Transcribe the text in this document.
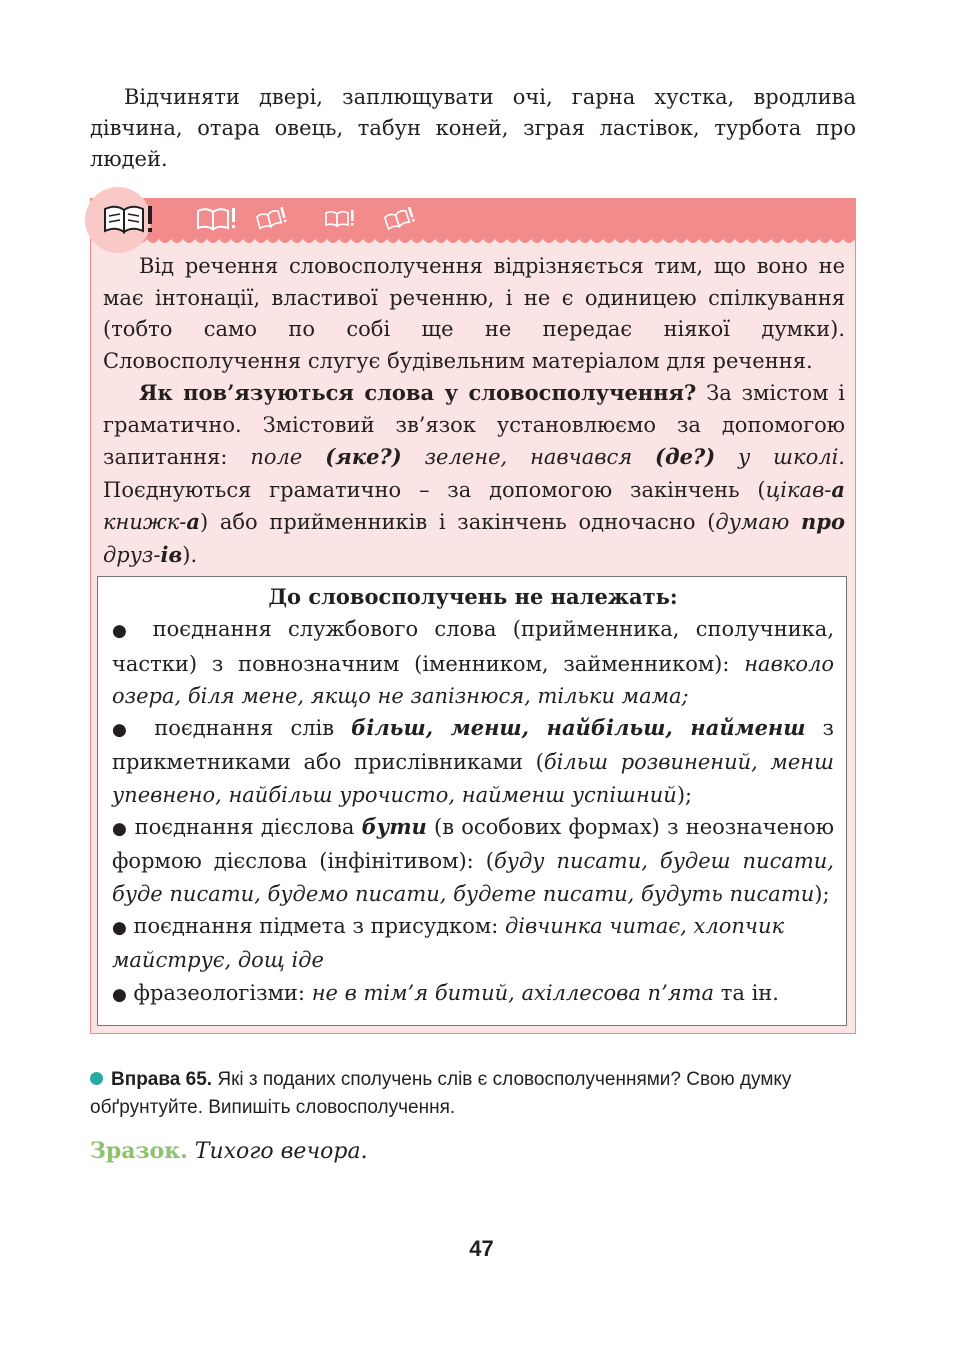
Відчиняти двері, заплющувати очі, гарна хустка, вродлива дівчина, отара овець, табун коней, зграя ластівок, турбота про людей.

Від речення словосполучення відрізняється тим, що воно не має інтонації, властивої реченню, і не є одиницею спілкування (тобто само по собі ще не передає ніякої думки). Словосполучення слугує будівельним матеріалом для речення.

Як пов’язуються слова у словосполучення? За змістом і граматично. Змістовий зв’язок установлюємо за допомогою запитання: поле (яке?) зелене, навчався (де?) у школі. Поєднуються граматично – за допомогою закінчень (цікав-а книжк-а) або прийменників і закінчень одночасно (думаю про друз-ів).

До словосполучень не належать:

● поєднання службового слова (прийменника, сполучника, частки) з повнозначним (іменником, займенником): навколо озера, біля мене, якщо не запізнюся, тільки мама;

● поєднання слів більш, менш, найбільш, найменш з прикметниками або прислівниками (більш розвинений, менш упевнено, найбільш урочисто, найменш успішний);

● поєднання дієслова бути (в особових формах) з неозначеною формою дієслова (інфінітивом): (буду писати, будеш писати, буде писати, будемо писати, будете писати, будуть писати);

● поєднання підмета з присудком: дівчинка читає, хлопчик майструє, дощ іде

● фразеологізми: не в тім’я битий, ахіллесова п’ята та ін.

Вправа 65. Які з поданих сполучень слів є словосполученнями? Свою думку обґрунтуйте. Випишіть словосполучення.

Зразок. Тихого вечора.

47
